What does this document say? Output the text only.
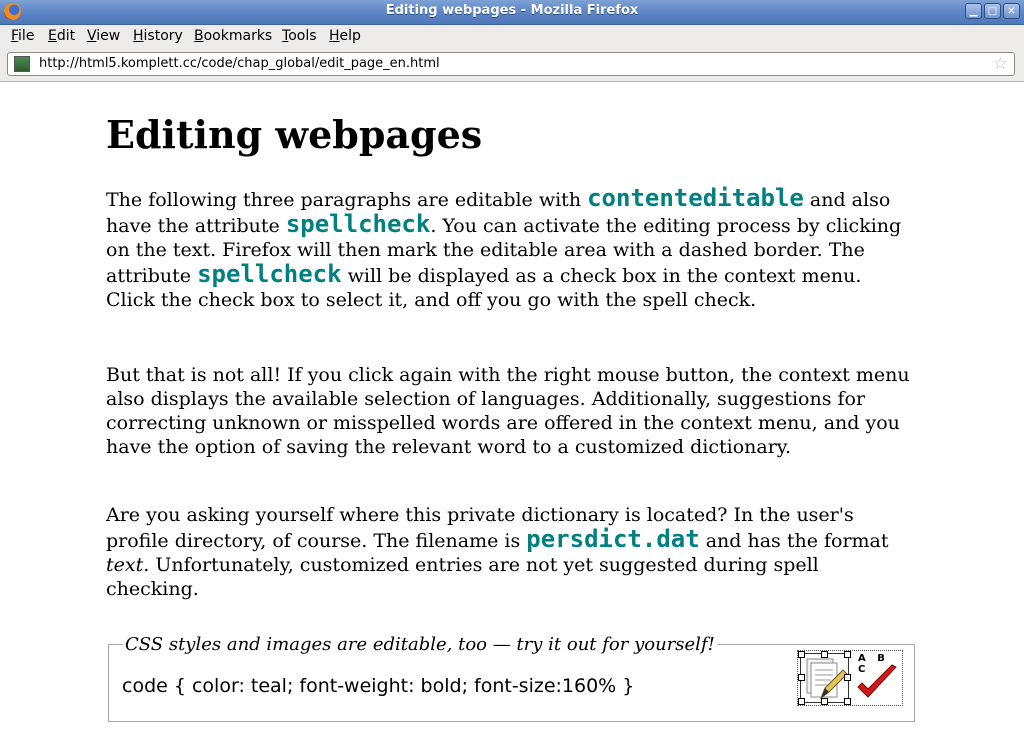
Editing webpages - Mozilla Firefox	▁	□	✕
File Edit View History Bookmarks Tools Help
http://html5.komplett.cc/code/chap_global/edit_page_en.html	☆
Editing webpages

The following three paragraphs are editable with contenteditable and also have the attribute spellcheck. You can activate the editing process by clicking on the text. Firefox will then mark the editable area with a dashed border. The attribute spellcheck will be displayed as a check box in the context menu. Click the check box to select it, and off you go with the spell check.

But that is not all! If you click again with the right mouse button, the context menu also displays the available selection of languages. Additionally, suggestions for correcting unknown or misspelled words are offered in the context menu, and you have the option of saving the relevant word to a customized dictionary.

Are you asking yourself where this private dictionary is located? In the user's profile directory, of course. The filename is persdict.dat and has the format text. Unfortunately, customized entries are not yet suggested during spell checking.

CSS styles and images are editable, too — try it out for yourself!
code { color: teal; font-weight: bold; font-size:160% }
A B C
